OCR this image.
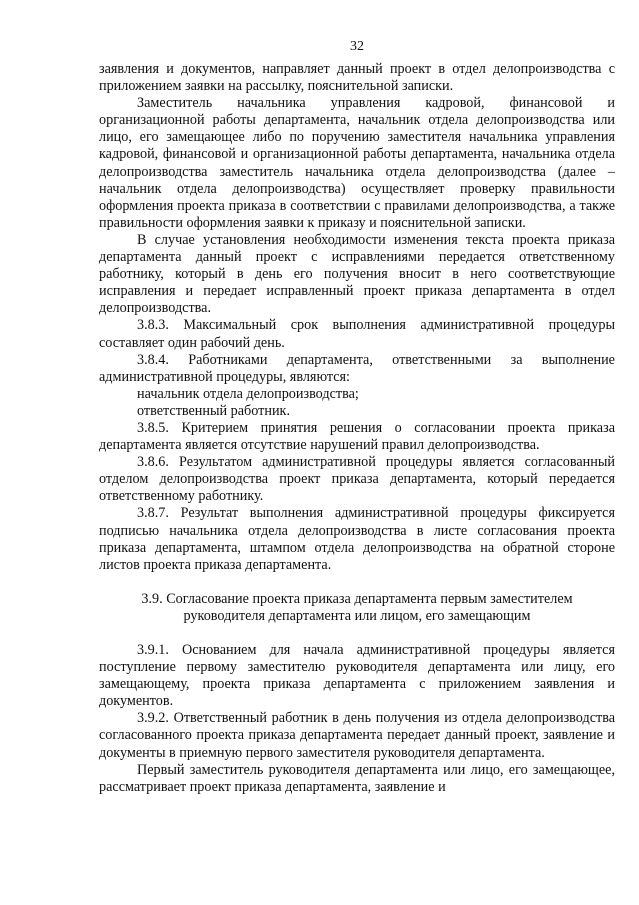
32

заявления и документов, направляет данный проект в отдел делопроизводства с приложением заявки на рассылку, пояснительной записки.

Заместитель начальника управления кадровой, финансовой и организационной работы департамента, начальник отдела делопроизводства или лицо, его замещающее либо по поручению заместителя начальника управления кадровой, финансовой и организационной работы департамента, начальника отдела делопроизводства заместитель начальника отдела делопроизводства (далее – начальник отдела делопроизводства) осуществляет проверку правильности оформления проекта приказа в соответствии с правилами делопроизводства, а также правильности оформления заявки к приказу и пояснительной записки.

В случае установления необходимости изменения текста проекта приказа департамента данный проект с исправлениями передается ответственному работнику, который в день его получения вносит в него соответствующие исправления и передает исправленный проект приказа департамента в отдел делопроизводства.

3.8.3. Максимальный срок выполнения административной процедуры составляет один рабочий день.

3.8.4. Работниками департамента, ответственными за выполнение административной процедуры, являются:

начальник отдела делопроизводства;

ответственный работник.

3.8.5. Критерием принятия решения о согласовании проекта приказа департамента является отсутствие нарушений правил делопроизводства.

3.8.6. Результатом административной процедуры является согласованный отделом делопроизводства проект приказа департамента, который передается ответственному работнику.

3.8.7. Результат выполнения административной процедуры фиксируется подписью начальника отдела делопроизводства в листе согласования проекта приказа департамента, штампом отдела делопроизводства на обратной стороне листов проекта приказа департамента.

3.9. Согласование проекта приказа департамента первым заместителем

руководителя департамента или лицом, его замещающим

3.9.1. Основанием для начала административной процедуры является поступление первому заместителю руководителя департамента или лицу, его замещающему, проекта приказа департамента с приложением заявления и документов.

3.9.2. Ответственный работник в день получения из отдела делопроизводства согласованного проекта приказа департамента передает данный проект, заявление и документы в приемную первого заместителя руководителя департамента.

Первый заместитель руководителя департамента или лицо, его замещающее, рассматривает проект приказа департамента, заявление и
